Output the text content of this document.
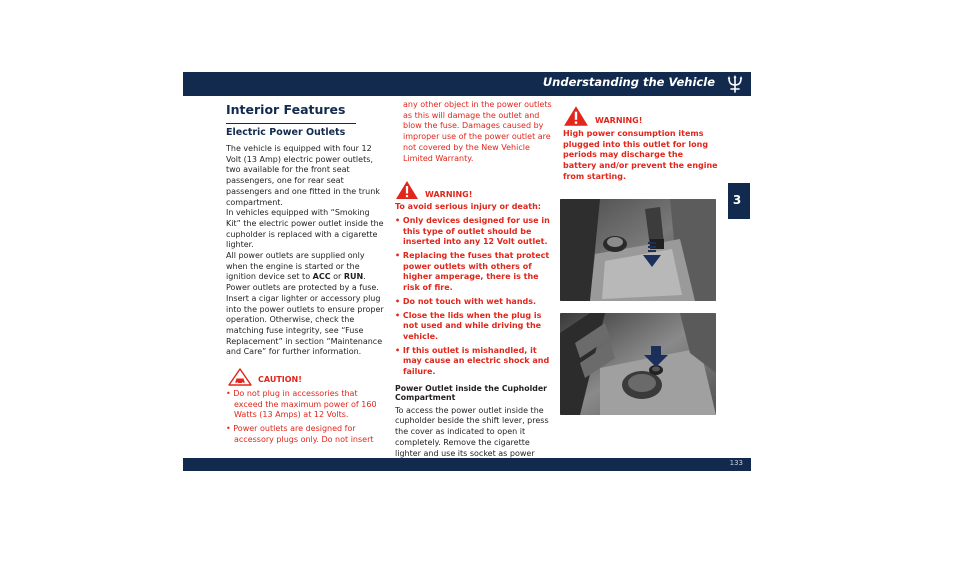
Understanding the Vehicle
3
Interior Features
Electric Power Outlets

The vehicle is equipped with four 12 Volt (13 Amp) electric power outlets, two available for the front seat passengers, one for rear seat passengers and one fitted in the trunk compartment.

In vehicles equipped with “Smoking Kit” the electric power outlet inside the cupholder is replaced with a cigarette lighter.

All power outlets are supplied only when the engine is started or the ignition device set to ACC or RUN.

Power outlets are protected by a fuse. Insert a cigar lighter or accessory plug into the power outlets to ensure proper operation. Otherwise, check the matching fuse integrity, see “Fuse Replacement” in section “Maintenance and Care” for further information.

CAUTION!

• Do not plug in accessories that exceed the maximum power of 160 Watts (13 Amps) at 12 Volts.

• Power outlets are designed for accessory plugs only. Do not insert

any other object in the power outlets as this will damage the outlet and blow the fuse. Damages caused by improper use of the power outlet are not covered by the New Vehicle Limited Warranty.

WARNING!

To avoid serious injury or death:

• Only devices designed for use in this type of outlet should be inserted into any 12 Volt outlet.

• Replacing the fuses that protect power outlets with others of higher amperage, there is the risk of fire.

• Do not touch with wet hands.

• Close the lids when the plug is not used and while driving the vehicle.

• If this outlet is mishandled, it may cause an electric shock and failure.

Power Outlet inside the Cupholder Compartment

To access the power outlet inside the cupholder beside the shift lever, press the cover as indicated to open it completely. Remove the cigarette lighter and use its socket as power

WARNING!

High power consumption items plugged into this outlet for long periods may discharge the battery and/or prevent the engine from starting.

133
